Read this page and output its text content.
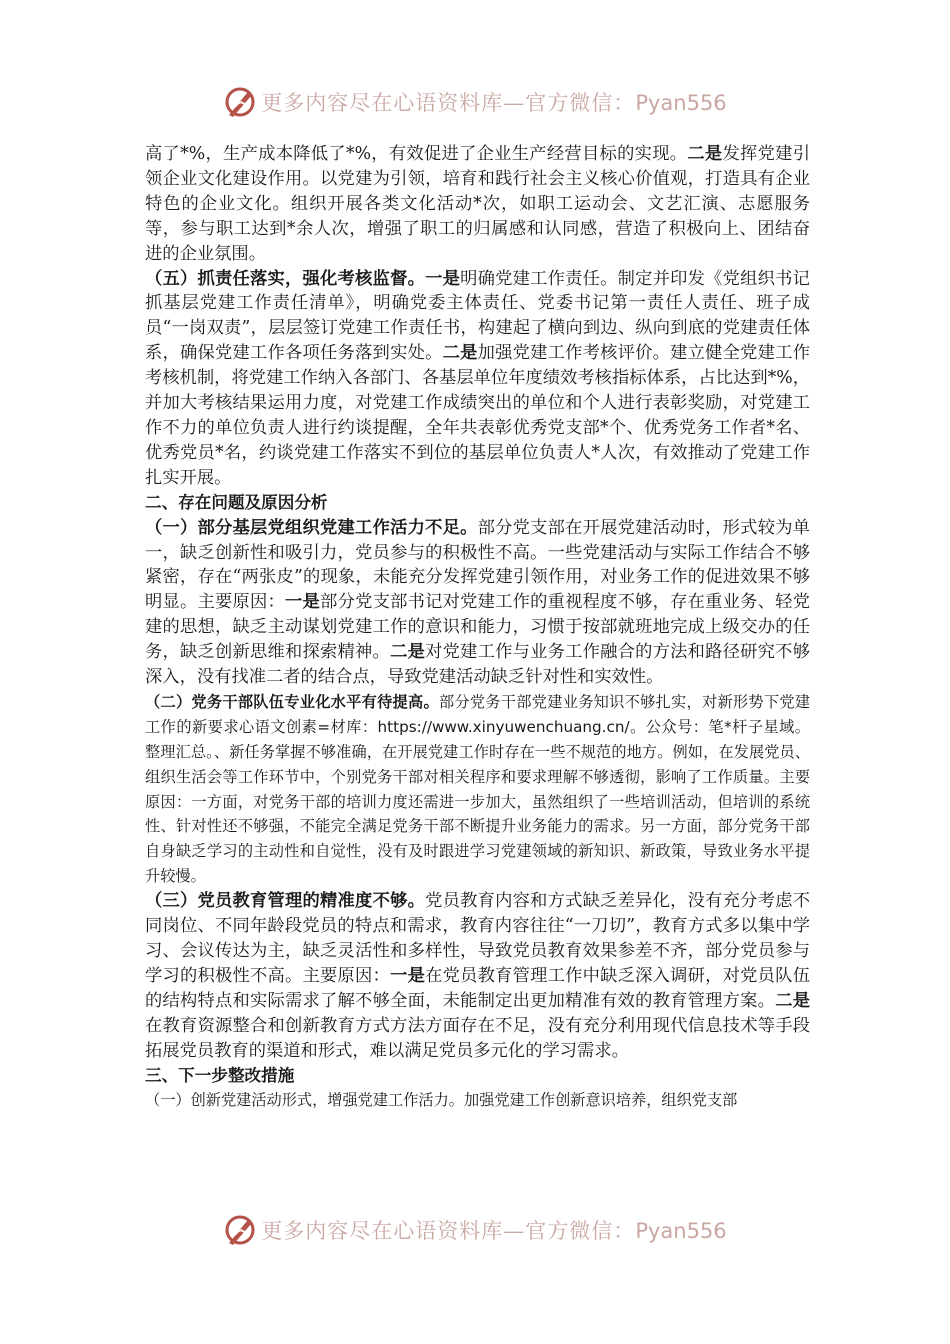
更多内容尽在心语资料库—官方微信：Pyan556

高了*%，生产成本降低了*%，有效促进了企业生产经营目标的实现。二是发挥党建引领企业文化建设作用。以党建为引领，培育和践行社会主义核心价值观，打造具有企业特色的企业文化。组织开展各类文化活动*次，如职工运动会、文艺汇演、志愿服务等，参与职工达到*余人次，增强了职工的归属感和认同感，营造了积极向上、团结奋进的企业氛围。

（五）抓责任落实，强化考核监督。一是明确党建工作责任。制定并印发《党组织书记抓基层党建工作责任清单》，明确党委主体责任、党委书记第一责任人责任、班子成员“一岗双责”，层层签订党建工作责任书，构建起了横向到边、纵向到底的党建责任体系，确保党建工作各项任务落到实处。二是加强党建工作考核评价。建立健全党建工作考核机制，将党建工作纳入各部门、各基层单位年度绩效考核指标体系，占比达到*%，并加大考核结果运用力度，对党建工作成绩突出的单位和个人进行表彰奖励，对党建工作不力的单位负责人进行约谈提醒，全年共表彰优秀党支部*个、优秀党务工作者*名、优秀党员*名，约谈党建工作落实不到位的基层单位负责人*人次，有效推动了党建工作扎实开展。

二、存在问题及原因分析

（一）部分基层党组织党建工作活力不足。部分党支部在开展党建活动时，形式较为单一，缺乏创新性和吸引力，党员参与的积极性不高。一些党建活动与实际工作结合不够紧密，存在“两张皮”的现象，未能充分发挥党建引领作用，对业务工作的促进效果不够明显。主要原因：一是部分党支部书记对党建工作的重视程度不够，存在重业务、轻党建的思想，缺乏主动谋划党建工作的意识和能力，习惯于按部就班地完成上级交办的任务，缺乏创新思维和探索精神。二是对党建工作与业务工作融合的方法和路径研究不够深入，没有找准二者的结合点，导致党建活动缺乏针对性和实效性。

（二）党务干部队伍专业化水平有待提高。部分党务干部党建业务知识不够扎实，对新形势下党建工作的新要求心语文创素=材库：https://www.xinyuwenchuang.cn/。公众号：笔*杆子星域。整理汇总。、新任务掌握不够准确，在开展党建工作时存在一些不规范的地方。例如，在发展党员、组织生活会等工作环节中，个别党务干部对相关程序和要求理解不够透彻，影响了工作质量。主要原因：一方面，对党务干部的培训力度还需进一步加大，虽然组织了一些培训活动，但培训的系统性、针对性还不够强，不能完全满足党务干部不断提升业务能力的需求。另一方面，部分党务干部自身缺乏学习的主动性和自觉性，没有及时跟进学习党建领域的新知识、新政策，导致业务水平提升较慢。

（三）党员教育管理的精准度不够。党员教育内容和方式缺乏差异化，没有充分考虑不同岗位、不同年龄段党员的特点和需求，教育内容往往“一刀切”，教育方式多以集中学习、会议传达为主，缺乏灵活性和多样性，导致党员教育效果参差不齐，部分党员参与学习的积极性不高。主要原因：一是在党员教育管理工作中缺乏深入调研，对党员队伍的结构特点和实际需求了解不够全面，未能制定出更加精准有效的教育管理方案。二是在教育资源整合和创新教育方式方法方面存在不足，没有充分利用现代信息技术等手段拓展党员教育的渠道和形式，难以满足党员多元化的学习需求。

三、下一步整改措施

（一）创新党建活动形式，增强党建工作活力。加强党建工作创新意识培养，组织党支部

更多内容尽在心语资料库—官方微信：Pyan556
